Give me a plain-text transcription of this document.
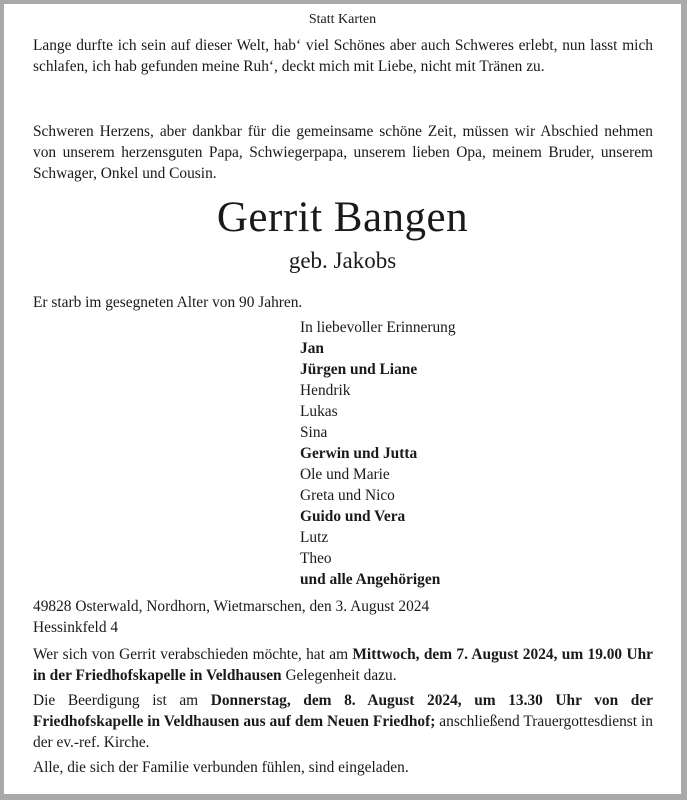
Statt Karten
Lange durfte ich sein auf dieser Welt, hab‘ viel Schönes aber auch Schweres erlebt, nun lasst mich schlafen, ich hab gefunden meine Ruh‘, deckt mich mit Liebe, nicht mit Tränen zu.
Schweren Herzens, aber dankbar für die gemeinsame schöne Zeit, müssen wir Abschied nehmen von unserem herzensguten Papa, Schwiegerpapa, unserem lieben Opa, meinem Bruder, unserem Schwager, Onkel und Cousin.
Gerrit Bangen
geb. Jakobs
Er starb im gesegneten Alter von 90 Jahren.
In liebevoller Erinnerung
Jan
Jürgen und Liane
Hendrik
Lukas
Sina
Gerwin und Jutta
Ole und Marie
Greta und Nico
Guido und Vera
Lutz
Theo
und alle Angehörigen
49828 Osterwald, Nordhorn, Wietmarschen, den 3. August 2024
Hessinkfeld 4
Wer sich von Gerrit verabschieden möchte, hat am Mittwoch, dem 7. August 2024, um 19.00 Uhr in der Friedhofskapelle in Veldhausen Gelegenheit dazu.
Die Beerdigung ist am Donnerstag, dem 8. August 2024, um 13.30 Uhr von der Friedhofskapelle in Veldhausen aus auf dem Neuen Friedhof; anschließend Trauergottesdienst in der ev.-ref. Kirche.
Alle, die sich der Familie verbunden fühlen, sind eingeladen.
